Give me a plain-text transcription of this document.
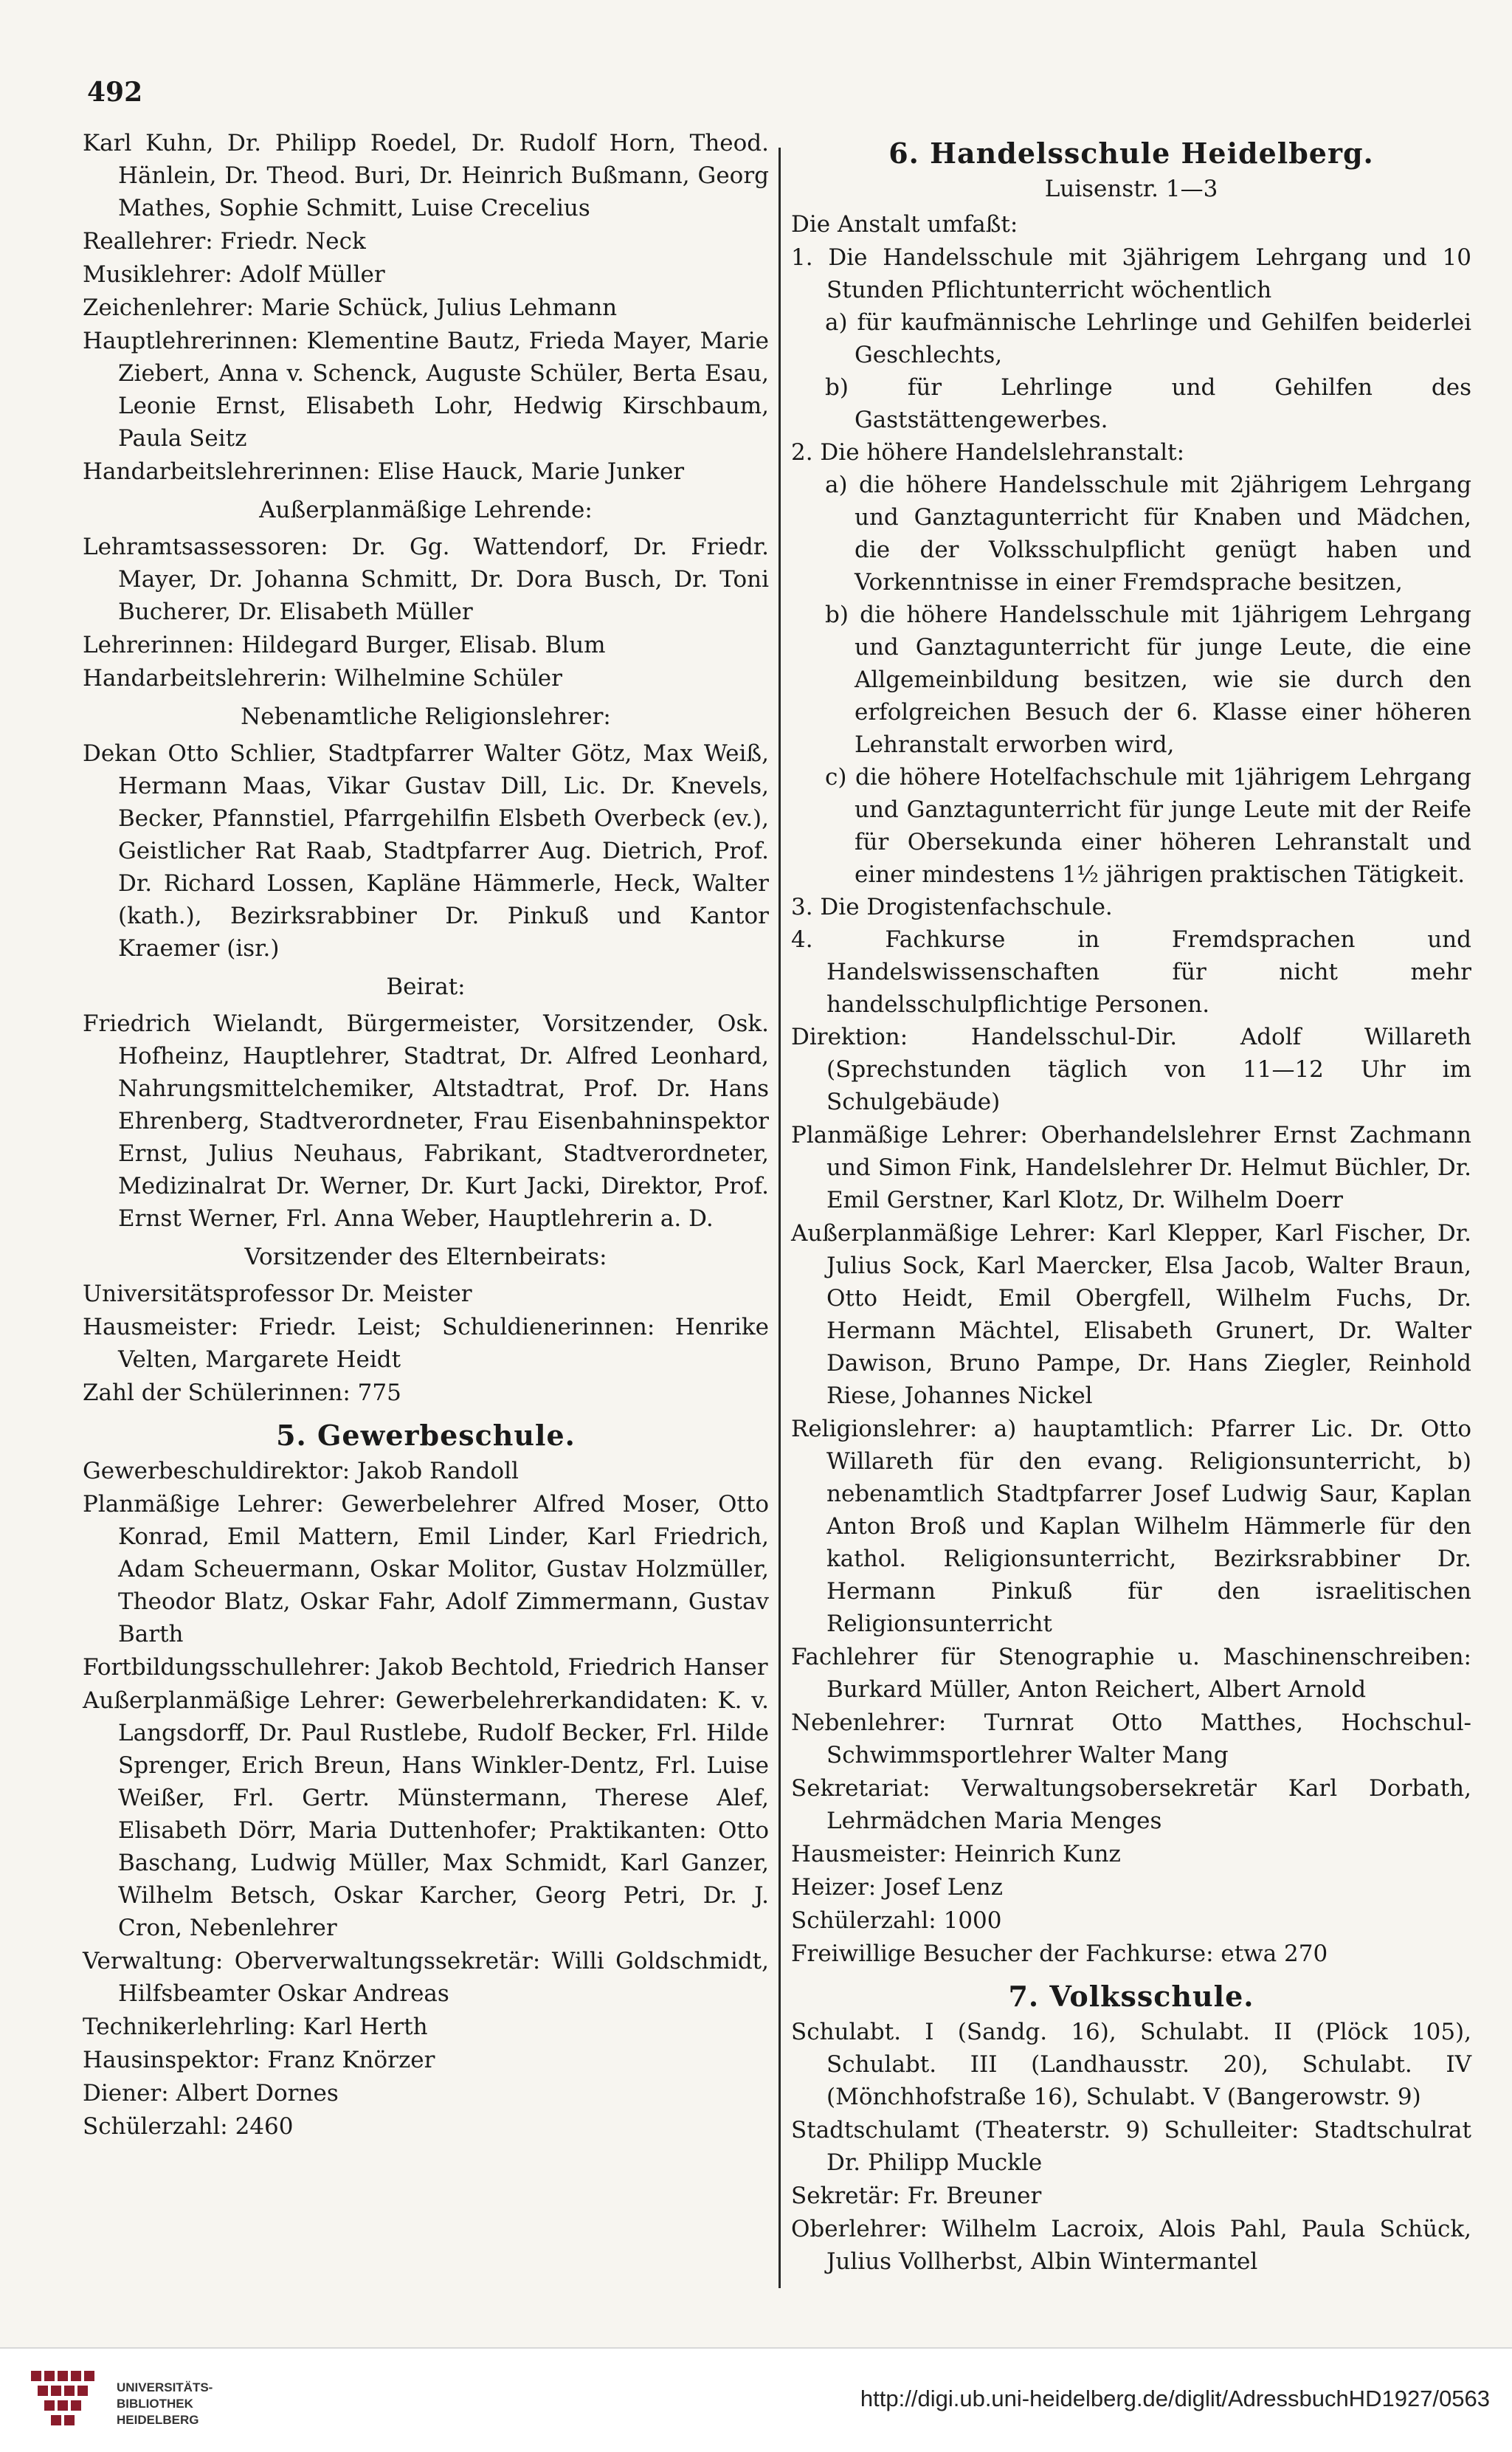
492

Karl Kuhn, Dr. Philipp Roedel, Dr. Rudolf Horn, Theod. Hänlein, Dr. Theod. Buri, Dr. Heinrich Bußmann, Georg Mathes, Sophie Schmitt, Luise Crecelius

Reallehrer: Friedr. Neck

Musiklehrer: Adolf Müller

Zeichenlehrer: Marie Schück, Julius Lehmann

Hauptlehrerinnen: Klementine Bautz, Frieda Mayer, Marie Ziebert, Anna v. Schenck, Auguste Schüler, Berta Esau, Leonie Ernst, Elisabeth Lohr, Hedwig Kirschbaum, Paula Seitz

Handarbeitslehrerinnen: Elise Hauck, Marie Junker

Außerplanmäßige Lehrende:

Lehramtsassessoren: Dr. Gg. Wattendorf, Dr. Friedr. Mayer, Dr. Johanna Schmitt, Dr. Dora Busch, Dr. Toni Bucherer, Dr. Elisabeth Müller

Lehrerinnen: Hildegard Burger, Elisab. Blum

Handarbeitslehrerin: Wilhelmine Schüler

Nebenamtliche Religionslehrer:

Dekan Otto Schlier, Stadtpfarrer Walter Götz, Max Weiß, Hermann Maas, Vikar Gustav Dill, Lic. Dr. Knevels, Becker, Pfannstiel, Pfarrgehilfin Elsbeth Overbeck (ev.), Geistlicher Rat Raab, Stadtpfarrer Aug. Dietrich, Prof. Dr. Richard Lossen, Kapläne Hämmerle, Heck, Walter (kath.), Bezirksrabbiner Dr. Pinkuß und Kantor Kraemer (isr.)

Beirat:

Friedrich Wielandt, Bürgermeister, Vorsitzender, Osk. Hofheinz, Hauptlehrer, Stadtrat, Dr. Alfred Leonhard, Nahrungsmittelchemiker, Altstadtrat, Prof. Dr. Hans Ehrenberg, Stadtverordneter, Frau Eisenbahninspektor Ernst, Julius Neuhaus, Fabrikant, Stadtverordneter, Medizinalrat Dr. Werner, Dr. Kurt Jacki, Direktor, Prof. Ernst Werner, Frl. Anna Weber, Hauptlehrerin a. D.

Vorsitzender des Elternbeirats:

Universitätsprofessor Dr. Meister

Hausmeister: Friedr. Leist; Schuldienerinnen: Henrike Velten, Margarete Heidt

Zahl der Schülerinnen: 775

5. Gewerbeschule.

Gewerbeschuldirektor: Jakob Randoll

Planmäßige Lehrer: Gewerbelehrer Alfred Moser, Otto Konrad, Emil Mattern, Emil Linder, Karl Friedrich, Adam Scheuermann, Oskar Molitor, Gustav Holzmüller, Theodor Blatz, Oskar Fahr, Adolf Zimmermann, Gustav Barth

Fortbildungsschullehrer: Jakob Bechtold, Friedrich Hanser

Außerplanmäßige Lehrer: Gewerbelehrerkandidaten: K. v. Langsdorff, Dr. Paul Rustlebe, Rudolf Becker, Frl. Hilde Sprenger, Erich Breun, Hans Winkler-Dentz, Frl. Luise Weißer, Frl. Gertr. Münstermann, Therese Alef, Elisabeth Dörr, Maria Duttenhofer; Praktikanten: Otto Baschang, Ludwig Müller, Max Schmidt, Karl Ganzer, Wilhelm Betsch, Oskar Karcher, Georg Petri, Dr. J. Cron, Nebenlehrer

Verwaltung: Oberverwaltungssekretär: Willi Goldschmidt, Hilfsbeamter Oskar Andreas

Technikerlehrling: Karl Herth

Hausinspektor: Franz Knörzer

Diener: Albert Dornes

Schülerzahl: 2460

6. Handelsschule Heidelberg.

Luisenstr. 1—3

Die Anstalt umfaßt:

1. Die Handelsschule mit 3jährigem Lehrgang und 10 Stunden Pflichtunterricht wöchentlich

a) für kaufmännische Lehrlinge und Gehilfen beiderlei Geschlechts,

b) für Lehrlinge und Gehilfen des Gaststättengewerbes.

2. Die höhere Handelslehranstalt:

a) die höhere Handelsschule mit 2jährigem Lehrgang und Ganztagunterricht für Knaben und Mädchen, die der Volksschulpflicht genügt haben und Vorkenntnisse in einer Fremdsprache besitzen,

b) die höhere Handelsschule mit 1jährigem Lehrgang und Ganztagunterricht für junge Leute, die eine Allgemeinbildung besitzen, wie sie durch den erfolgreichen Besuch der 6. Klasse einer höheren Lehranstalt erworben wird,

c) die höhere Hotelfachschule mit 1jährigem Lehrgang und Ganztagunterricht für junge Leute mit der Reife für Obersekunda einer höheren Lehranstalt und einer mindestens 1½ jährigen praktischen Tätigkeit.

3. Die Drogistenfachschule.

4. Fachkurse in Fremdsprachen und Handelswissenschaften für nicht mehr handelsschulpflichtige Personen.

Direktion: Handelsschul-Dir. Adolf Willareth (Sprechstunden täglich von 11—12 Uhr im Schulgebäude)

Planmäßige Lehrer: Oberhandelslehrer Ernst Zachmann und Simon Fink, Handelslehrer Dr. Helmut Büchler, Dr. Emil Gerstner, Karl Klotz, Dr. Wilhelm Doerr

Außerplanmäßige Lehrer: Karl Klepper, Karl Fischer, Dr. Julius Sock, Karl Maercker, Elsa Jacob, Walter Braun, Otto Heidt, Emil Obergfell, Wilhelm Fuchs, Dr. Hermann Mächtel, Elisabeth Grunert, Dr. Walter Dawison, Bruno Pampe, Dr. Hans Ziegler, Reinhold Riese, Johannes Nickel

Religionslehrer: a) hauptamtlich: Pfarrer Lic. Dr. Otto Willareth für den evang. Religionsunterricht, b) nebenamtlich Stadtpfarrer Josef Ludwig Saur, Kaplan Anton Broß und Kaplan Wilhelm Hämmerle für den kathol. Religionsunterricht, Bezirksrabbiner Dr. Hermann Pinkuß für den israelitischen Religionsunterricht

Fachlehrer für Stenographie u. Maschinenschreiben: Burkard Müller, Anton Reichert, Albert Arnold

Nebenlehrer: Turnrat Otto Matthes, Hochschul-Schwimmsportlehrer Walter Mang

Sekretariat: Verwaltungsobersekretär Karl Dorbath, Lehrmädchen Maria Menges

Hausmeister: Heinrich Kunz

Heizer: Josef Lenz

Schülerzahl: 1000

Freiwillige Besucher der Fachkurse: etwa 270

7. Volksschule.

Schulabt. I (Sandg. 16), Schulabt. II (Plöck 105), Schulabt. III (Landhausstr. 20), Schulabt. IV (Mönchhofstraße 16), Schulabt. V (Bangerowstr. 9)

Stadtschulamt (Theaterstr. 9) Schulleiter: Stadtschulrat Dr. Philipp Muckle

Sekretär: Fr. Breuner

Oberlehrer: Wilhelm Lacroix, Alois Pahl, Paula Schück, Julius Vollherbst, Albin Wintermantel

UNIVERSITÄTS-
BIBLIOTHEK
HEIDELBERG
http://digi.ub.uni-heidelberg.de/diglit/AdressbuchHD1927/0563
